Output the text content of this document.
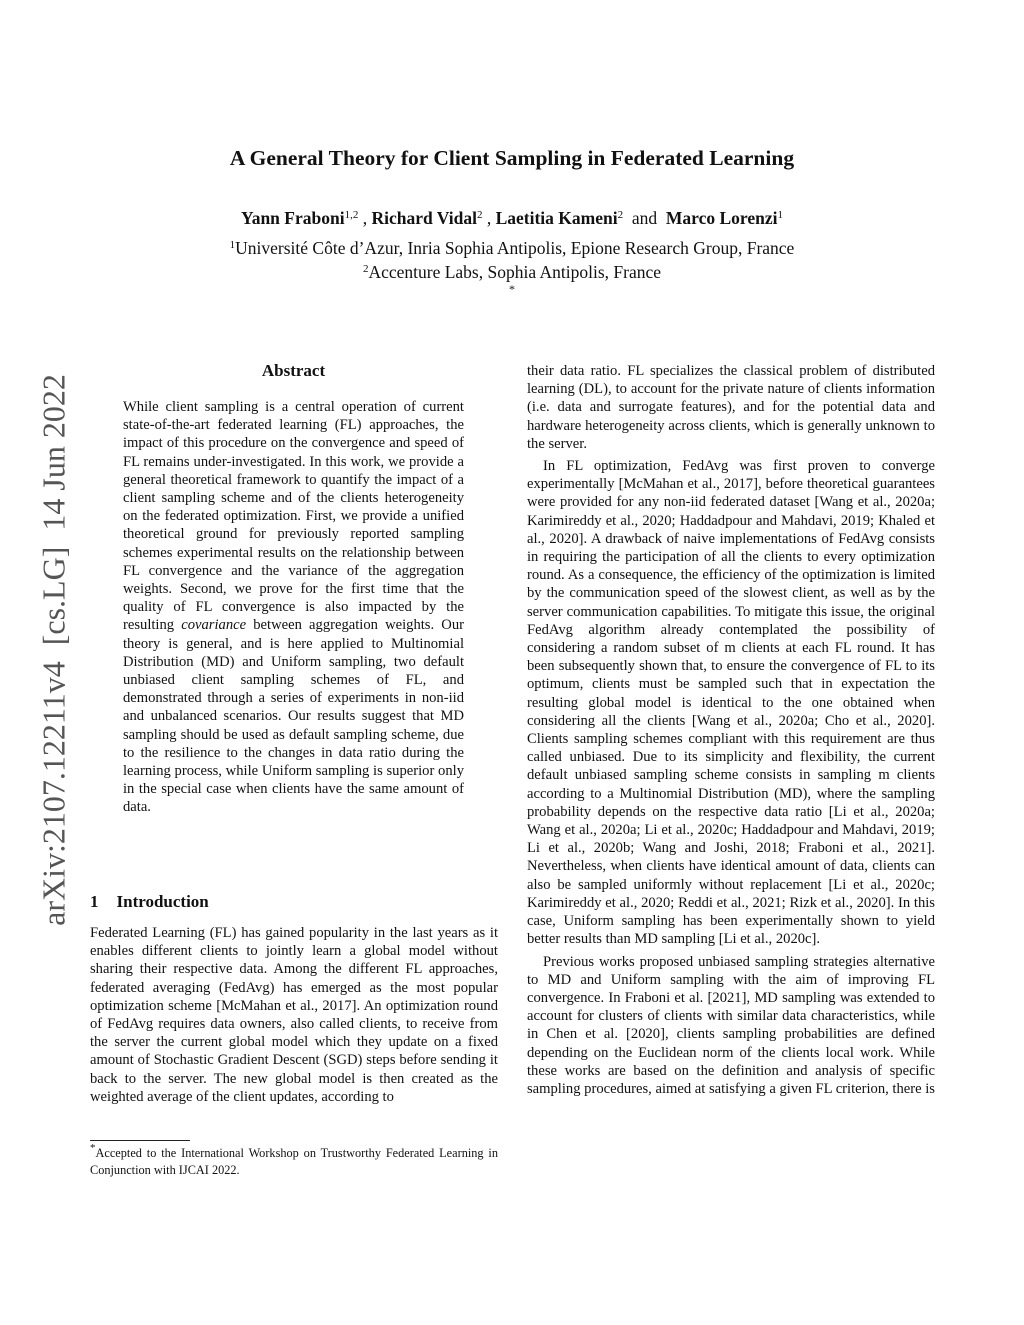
A General Theory for Client Sampling in Federated Learning
Yann Fraboni$^{1,2}$ , Richard Vidal$^2$ , Laetitia Kameni$^2$  and  Marco Lorenzi$^1$
$^1$Université Côte d’Azur, Inria Sophia Antipolis, Epione Research Group, France
$^2$Accenture Labs, Sophia Antipolis, France
*
arXiv:2107.12211v4  [cs.LG]  14 Jun 2022
Abstract

While client sampling is a central operation of current state-of-the-art federated learning (FL) approaches, the impact of this procedure on the convergence and speed of FL remains under-investigated. In this work, we provide a general theoretical framework to quantify the impact of a client sampling scheme and of the clients heterogeneity on the federated optimization. First, we provide a unified theoretical ground for previously reported sampling schemes experimental results on the relationship between FL convergence and the variance of the aggregation weights. Second, we prove for the first time that the quality of FL convergence is also impacted by the resulting covariance between aggregation weights. Our theory is general, and is here applied to Multinomial Distribution (MD) and Uniform sampling, two default unbiased client sampling schemes of FL, and demonstrated through a series of experiments in non-iid and unbalanced scenarios. Our results suggest that MD sampling should be used as default sampling scheme, due to the resilience to the changes in data ratio during the learning process, while Uniform sampling is superior only in the special case when clients have the same amount of data.

1 Introduction

Federated Learning (FL) has gained popularity in the last years as it enables different clients to jointly learn a global model without sharing their respective data. Among the different FL approaches, federated averaging (FedAvg) has emerged as the most popular optimization scheme [McMahan et al., 2017]. An optimization round of FedAvg requires data owners, also called clients, to receive from the server the current global model which they update on a fixed amount of Stochastic Gradient Descent (SGD) steps before sending it back to the server. The new global model is then created as the weighted average of the client updates, according to

*Accepted to the International Workshop on Trustworthy Federated Learning in Conjunction with IJCAI 2022.

their data ratio. FL specializes the classical problem of distributed learning (DL), to account for the private nature of clients information (i.e. data and surrogate features), and for the potential data and hardware heterogeneity across clients, which is generally unknown to the server.

In FL optimization, FedAvg was first proven to converge experimentally [McMahan et al., 2017], before theoretical guarantees were provided for any non-iid federated dataset [Wang et al., 2020a; Karimireddy et al., 2020; Haddadpour and Mahdavi, 2019; Khaled et al., 2020]. A drawback of naive implementations of FedAvg consists in requiring the participation of all the clients to every optimization round. As a consequence, the efficiency of the optimization is limited by the communication speed of the slowest client, as well as by the server communication capabilities. To mitigate this issue, the original FedAvg algorithm already contemplated the possibility of considering a random subset of m clients at each FL round. It has been subsequently shown that, to ensure the convergence of FL to its optimum, clients must be sampled such that in expectation the resulting global model is identical to the one obtained when considering all the clients [Wang et al., 2020a; Cho et al., 2020]. Clients sampling schemes compliant with this requirement are thus called unbiased. Due to its simplicity and flexibility, the current default unbiased sampling scheme consists in sampling m clients according to a Multinomial Distribution (MD), where the sampling probability depends on the respective data ratio [Li et al., 2020a; Wang et al., 2020a; Li et al., 2020c; Haddadpour and Mahdavi, 2019; Li et al., 2020b; Wang and Joshi, 2018; Fraboni et al., 2021]. Nevertheless, when clients have identical amount of data, clients can also be sampled uniformly without replacement [Li et al., 2020c; Karimireddy et al., 2020; Reddi et al., 2021; Rizk et al., 2020]. In this case, Uniform sampling has been experimentally shown to yield better results than MD sampling [Li et al., 2020c].

Previous works proposed unbiased sampling strategies alternative to MD and Uniform sampling with the aim of improving FL convergence. In Fraboni et al. [2021], MD sampling was extended to account for clusters of clients with similar data characteristics, while in Chen et al. [2020], clients sampling probabilities are defined depending on the Euclidean norm of the clients local work. While these works are based on the definition and analysis of specific sampling procedures, aimed at satisfying a given FL criterion, there is
